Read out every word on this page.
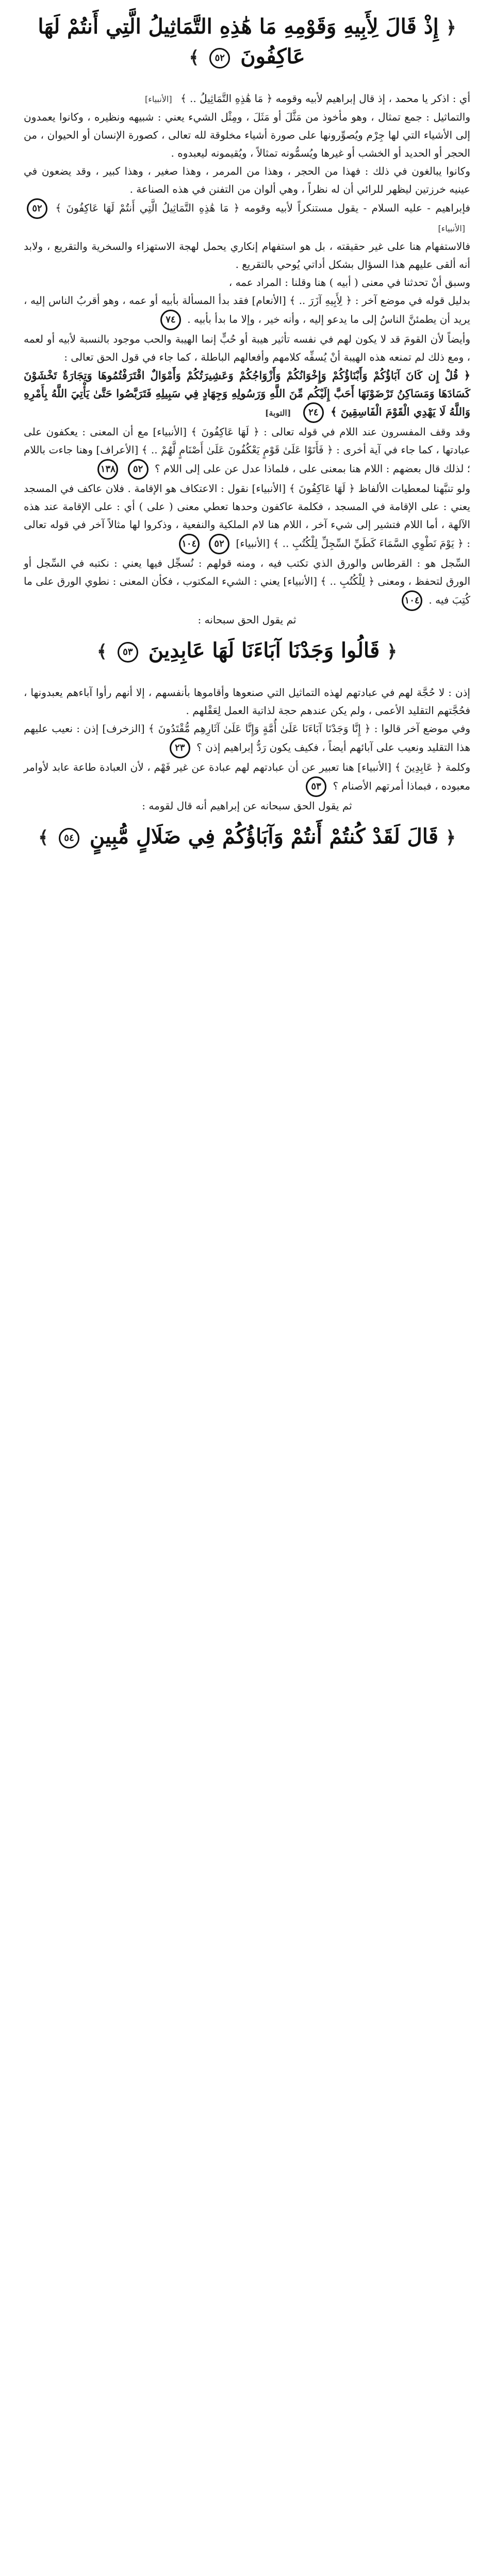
﴿ إِذْ قَالَ لِأَبِيهِ وَقَوْمِهِ مَا هَٰذِهِ التَّمَاثِيلُ الَّتِي أَنتُمْ لَهَا عَاكِفُونَ ٥٢ ﴾

أي : اذكر يا محمد ، إذ قال إبراهيم لأبيه وقومه ﴿ مَا هَٰذِهِ التَّمَاثِيلُ .. ﴾ [الأنبياء]

والتماثيل : جمع تمثال ، وهو مأخوذ من مَثَّلَ أو مَثَلَ ، ومِثْل الشيء يعني : شبيهه ونظيره ، وكانوا يعمدون إلى الأشياء التي لها جِرْم ويُصوِّرونها على صورة أشياء مخلوقة لله تعالى ، كصورة الإنسان أو الحيوان ، من الحجر أو الحديد أو الخشب أو غيرها ويُسمُّونه تمثالاً ، ويُقيمونه ليعبدوه .

وكانوا يبالغون في ذلك : فهذا من الحجر ، وهذا من المرمر ، وهذا صغير ، وهذا كبير ، وقد يضعون في عينيه خرزتين ليظهر للرائي أن له نظراً ، وهي ألوان من التفنن في هذه الصناعة .

فإبراهيم - عليه السلام - يقول مستنكراً لأبيه وقومه ﴿ مَا هَٰذِهِ التَّمَاثِيلُ الَّتِي أَنتُمْ لَهَا عَاكِفُونَ ﴾ ٥٢ [الأنبياء]

فالاستفهام هنا على غير حقيقته ، بل هو استفهام إنكاري يحمل لهجة الاستهزاء والسخرية والتقريع ، ولابد أنه ألقى عليهم هذا السؤال بشكل أداتي يُوحي بالتقريع .

وسبق أنْ تحدثنا في معنى ( أبيه ) هنا وقلنا : المراد عمه ،

بدليل قوله في موضع آخر : ﴿ لِأَبِيهِ آزَرَ .. ﴾ [الأنعام] فقد بدأ المسألة بأبيه أو عمه ، وهو أقربُ الناس إليه ، يريد أن يطمئنَّ الناسُ إلى ما يدعو إليه ، وأنه خير ، وإلا ما بدأ بأبيه . ٧٤

وأيضاً لأن القومَ قد لا يكون لهم في نفسه تأثير هيبة أو حُبٍّ إنما الهيبة والحب موجود بالنسبة لأبيه أو لعمه ، ومع ذلك لم تمنعه هذه الهيبة أنْ يُسفِّه كلامهم وأفعالهم الباطلة ، كما جاء في قول الحق تعالى :

﴿ قُلْ إِن كَانَ آبَاؤُكُمْ وَأَبْنَاؤُكُمْ وَإِخْوَانُكُمْ وَأَزْوَاجُكُمْ وَعَشِيرَتُكُمْ وَأَمْوَالٌ اقْتَرَفْتُمُوهَا وَتِجَارَةٌ تَخْشَوْنَ كَسَادَهَا وَمَسَاكِنُ تَرْضَوْنَهَا أَحَبَّ إِلَيْكُم مِّنَ اللَّهِ وَرَسُولِهِ وَجِهَادٍ فِي سَبِيلِهِ فَتَرَبَّصُوا حَتَّىٰ يَأْتِيَ اللَّهُ بِأَمْرِهِ وَاللَّهُ لَا يَهْدِي الْقَوْمَ الْفَاسِقِينَ ﴾ ٢٤ [التوبة]

وقد وقف المفسرون عند اللام في قوله تعالى : ﴿ لَهَا عَاكِفُونَ ﴾ [الأنبياء] مع أن المعنى : يعكفون على عبادتها ، كما جاء في آية أخرى : ﴿ فَأَتَوْا عَلَىٰ قَوْمٍ يَعْكُفُونَ عَلَىٰ أَصْنَامٍ لَّهُمْ .. ﴾ [الأعراف] وهنا جاءت باللام ؛ لذلك قال بعضهم : اللام هنا بمعنى على ، فلماذا عدل عن على إلى اللام ؟ ٥٢ ١٣٨

ولو تنبَّهنا لمعطيات الألفاظ ﴿ لَهَا عَاكِفُونَ ﴾ [الأنبياء] نقول : الاعتكاف هو الإقامة . فلان عاكف في المسجد يعني : على الإقامة في المسجد ، فكلمة عاكفون وحدها تعطي معنى ( على ) أي : على الإقامة عند هذه الآلهة ، أما اللام فتشير إلى شيء آخر ، اللام هنا لام الملكية والنفعية ، وذكروا لها مثالاً آخر في قوله تعالى : ﴿ يَوْمَ نَطْوِي السَّمَاءَ كَطَيِّ السِّجِلِّ لِلْكُتُبِ .. ﴾ [الأنبياء] ٥٢ ١٠٤

السِّجل هو : القرطاس والورق الذي تكتب فيه ، ومنه قولهم : نُسجِّل فيها يعني : نكتبه في السِّجل أو الورق لتحفظ ، ومعنى ﴿ لِلْكُتُبِ .. ﴾ [الأنبياء] يعني : الشيء المكتوب ، فكأن المعنى : نطوي الورق على ما كُتِبَ فيه . ١٠٤

ثم يقول الحق سبحانه :

﴿ قَالُوا وَجَدْنَا آبَاءَنَا لَهَا عَابِدِينَ ٥٣ ﴾

إذن : لا حُجَّة لهم في عبادتهم لهذه التماثيل التي صنعوها وأقاموها بأنفسهم ، إلا أنهم رأوا آباءهم يعبدونها ، فحُجَّتهم التقليد الأعمى ، ولم يكن عندهم حجة لذاتية العمل لِعَقْلهم .

وفي موضع آخر قالوا : ﴿ إِنَّا وَجَدْنَا آبَاءَنَا عَلَىٰ أُمَّةٍ وَإِنَّا عَلَىٰ آثَارِهِم مُّقْتَدُونَ ﴾ [الزخرف] إذن : نعيب عليهم هذا التقليد ونعيب على آبائهم أيضاً ، فكيف يكون رَدُّ إبراهيم إذن ؟ ٢٣

وكلمة ﴿ عَابِدِينَ ﴾ [الأنبياء] هنا تعبير عن أن عبادتهم لهم عبادة عن غير فَهْم ، لأن العبادة طاعة عابد لأوامر معبوده ، فبماذا أمرتهم الأصنام ؟ ٥٣

ثم يقول الحق سبحانه عن إبراهيم أنه قال لقومه :

﴿ قَالَ لَقَدْ كُنتُمْ أَنتُمْ وَآبَاؤُكُمْ فِي ضَلَالٍ مُّبِينٍ ٥٤ ﴾
